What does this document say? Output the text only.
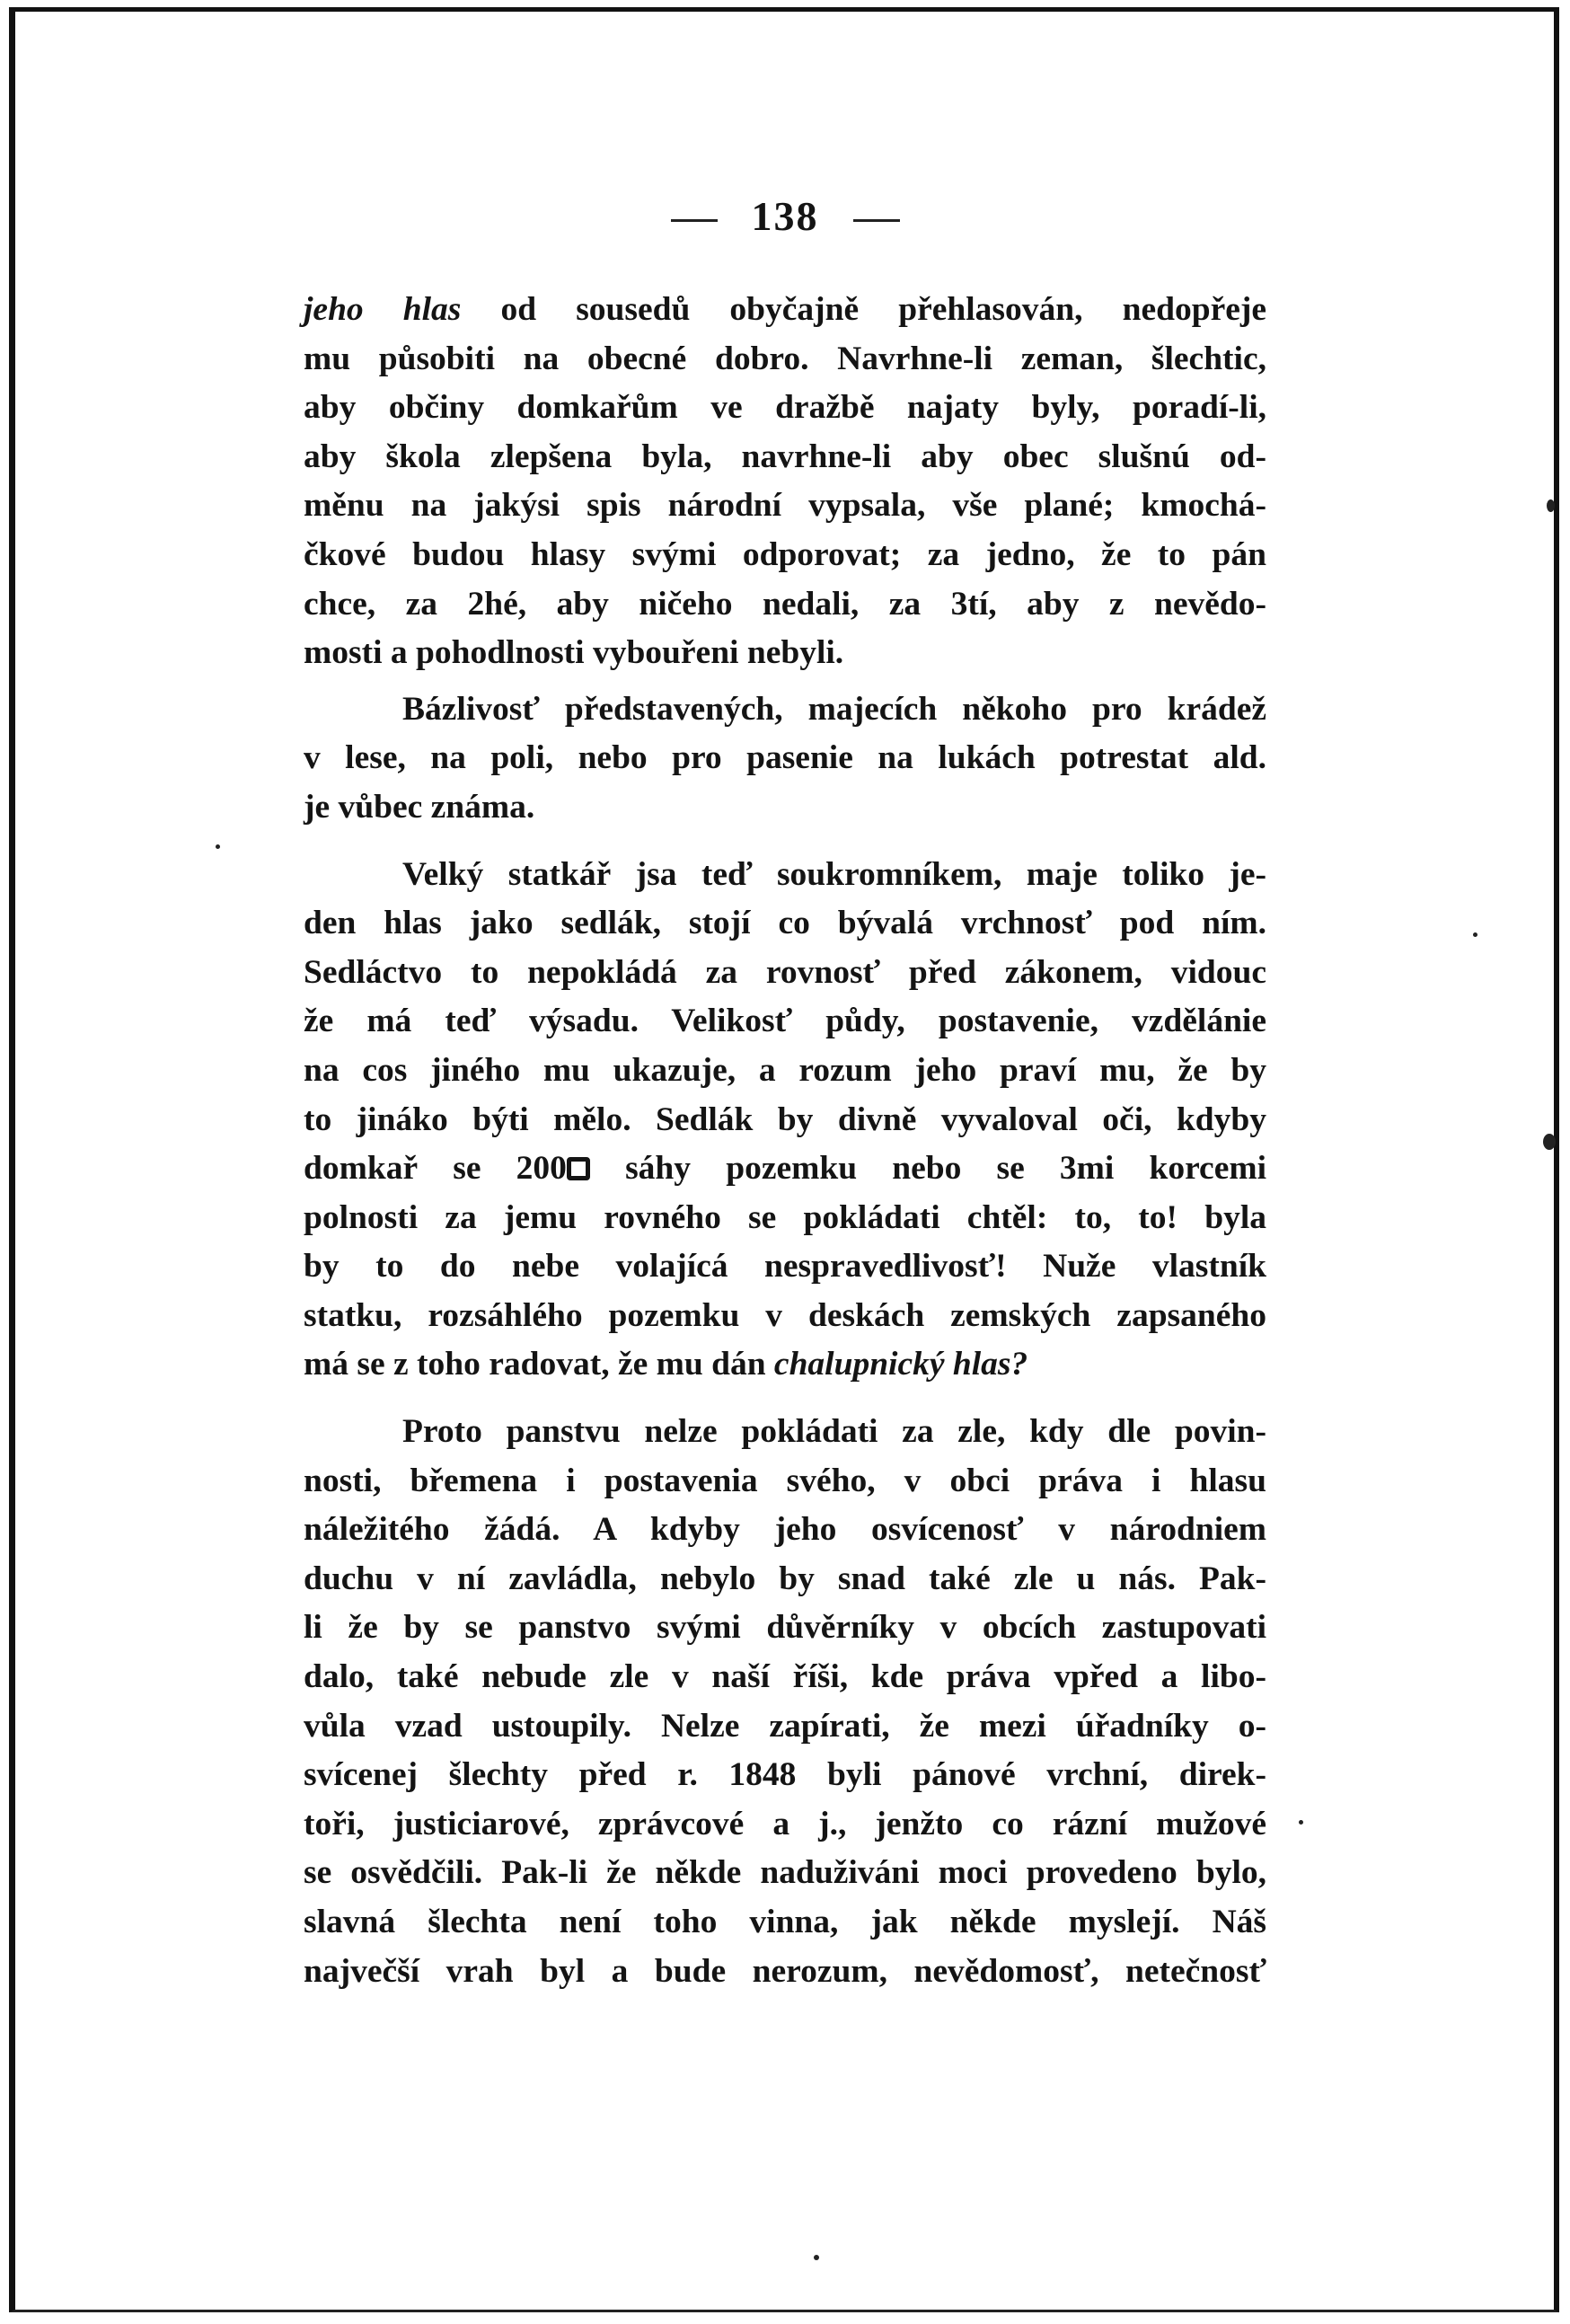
138
jeho hlas od sousedů obyčajně přehlasován, nedopřeje
mu působiti na obecné dobro. Navrhne-li zeman, šlechtic,
aby občiny domkařům ve dražbě najaty byly, poradí-li,
aby škola zlepšena byla, navrhne-li aby obec slušnú od-
měnu na jakýsi spis národní vypsala, vše plané; kmochá-
čkové budou hlasy svými odporovat; za jedno, že to pán
chce, za 2hé, aby ničeho nedali, za 3tí, aby z nevědo-
mosti a pohodlnosti vybouřeni nebyli.
Bázlivosť představených, majecích někoho pro krádež
v lese, na poli, nebo pro pasenie na lukách potrestat ald.
je vůbec známa.
Velký statkář jsa teď soukromníkem, maje toliko je-
den hlas jako sedlák, stojí co bývalá vrchnosť pod ním.
Sedláctvo to nepokládá za rovnosť před zákonem, vidouc
že má teď výsadu. Velikosť půdy, postavenie, vzdělánie
na cos jiného mu ukazuje, a rozum jeho praví mu, že by
to jináko býti mělo. Sedlák by divně vyvaloval oči, kdyby
domkař se 200 sáhy pozemku nebo se 3mi korcemi
polnosti za jemu rovného se pokládati chtěl: to, to! byla
by to do nebe volajícá nespravedlivosť! Nuže vlastník
statku, rozsáhlého pozemku v deskách zemských zapsaného
má se z toho radovat, že mu dán chalupnický hlas?
Proto panstvu nelze pokládati za zle, kdy dle povin-
nosti, břemena i postavenia svého, v obci práva i hlasu
náležitého žádá. A kdyby jeho osvícenosť v národniem
duchu v ní zavládla, nebylo by snad také zle u nás. Pak-
li že by se panstvo svými důvěrníky v obcích zastupovati
dalo, také nebude zle v naší říši, kde práva vpřed a libo-
vůla vzad ustoupily. Nelze zapírati, že mezi úřadníky o-
svícenej šlechty před r. 1848 byli pánové vrchní, direk-
toři, justiciarové, zprávcové a j., jenžto co rázní mužové
se osvědčili. Pak-li že někde naduživáni moci provedeno bylo,
slavná šlechta není toho vinna, jak někde myslejí. Náš
največší vrah byl a bude nerozum, nevědomosť, netečnosť
